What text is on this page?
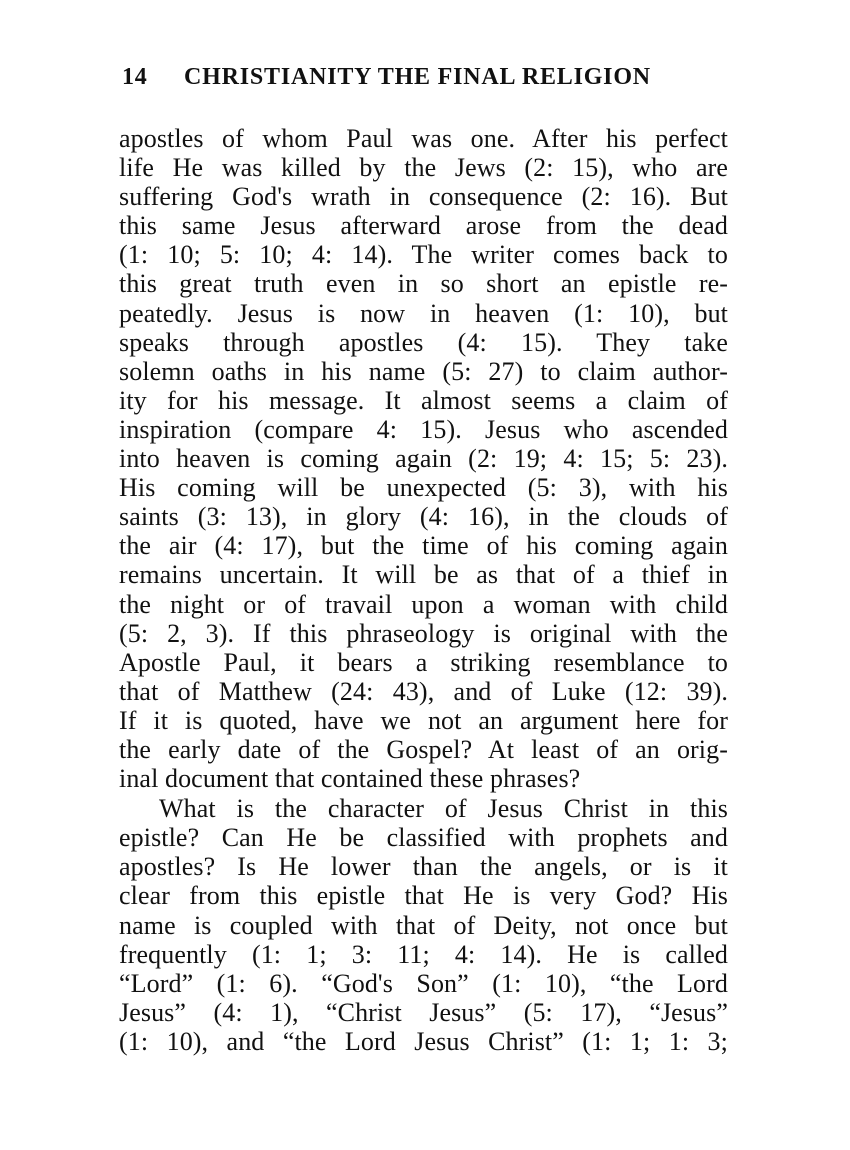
14 CHRISTIANITY THE FINAL RELIGION
apostles of whom Paul was one. After his perfect
life He was killed by the Jews (2: 15), who are
suffering God's wrath in consequence (2: 16). But
this same Jesus afterward arose from the dead
(1: 10; 5: 10; 4: 14). The writer comes back to
this great truth even in so short an epistle re-
peatedly. Jesus is now in heaven (1: 10), but
speaks through apostles (4: 15). They take
solemn oaths in his name (5: 27) to claim author-
ity for his message. It almost seems a claim of
inspiration (compare 4: 15). Jesus who ascended
into heaven is coming again (2: 19; 4: 15; 5: 23).
His coming will be unexpected (5: 3), with his
saints (3: 13), in glory (4: 16), in the clouds of
the air (4: 17), but the time of his coming again
remains uncertain. It will be as that of a thief in
the night or of travail upon a woman with child
(5: 2, 3). If this phraseology is original with the
Apostle Paul, it bears a striking resemblance to
that of Matthew (24: 43), and of Luke (12: 39).
If it is quoted, have we not an argument here for
the early date of the Gospel? At least of an orig-
inal document that contained these phrases?
What is the character of Jesus Christ in this
epistle? Can He be classified with prophets and
apostles? Is He lower than the angels, or is it
clear from this epistle that He is very God? His
name is coupled with that of Deity, not once but
frequently (1: 1; 3: 11; 4: 14). He is called
“Lord” (1: 6). “God's Son” (1: 10), “the Lord
Jesus” (4: 1), “Christ Jesus” (5: 17), “Jesus”
(1: 10), and “the Lord Jesus Christ” (1: 1; 1: 3;
